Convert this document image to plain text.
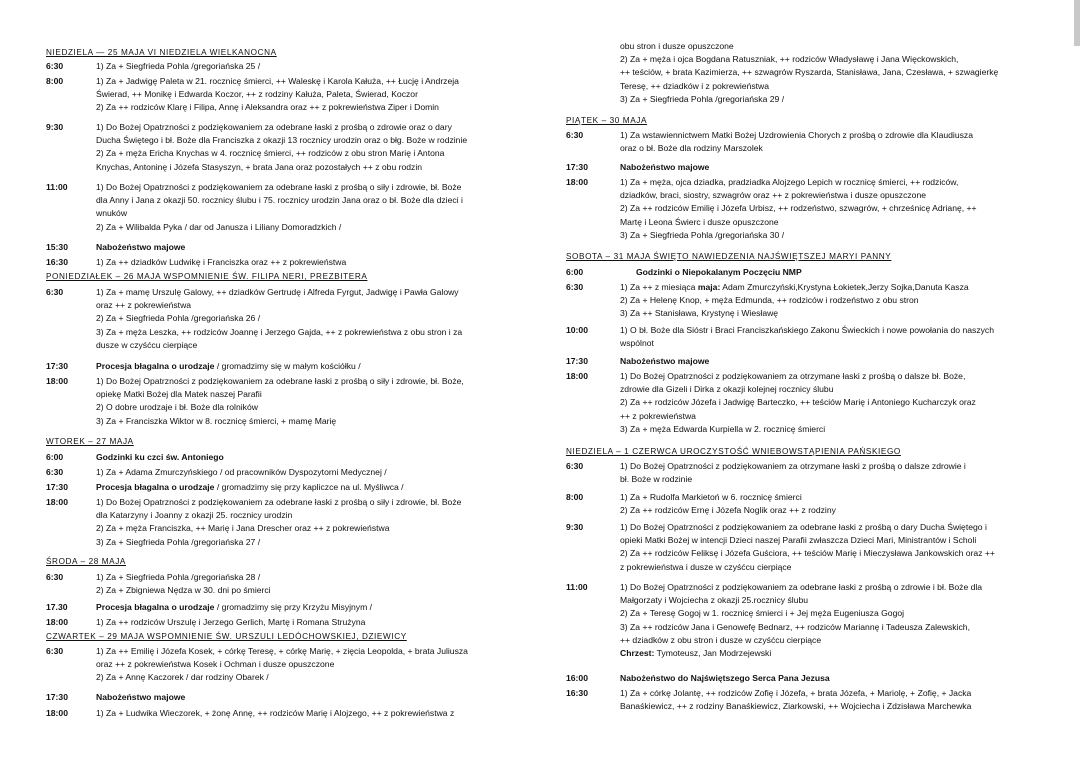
NIEDZIELA — 25 MAJA VI NIEDZIELA WIELKANOCNA
6:30	1) Za + Siegfrieda Pohla /gregoriańska 25 /
8:00	1) Za + Jadwigę Paleta w 21. rocznicę śmierci, ++ Waleskę i Karola Kałuża, ++ Łucję i Andrzeja
Świerad, ++ Monikę i Edwarda Koczor, ++ z rodziny Kałuża, Paleta, Świerad, Koczor
2) Za ++ rodziców Klarę i Filipa, Annę i Aleksandra oraz ++ z pokrewieństwa Ziper i Domin
9:30	1) Do Bożej Opatrzności z podziękowaniem za odebrane łaski z prośbą o zdrowie oraz o dary
Ducha Świętego i bł. Boże dla Franciszka z okazji 13 rocznicy urodzin oraz o błg. Boże w rodzinie
2) Za + męża Ericha Knychas w 4. rocznicę śmierci, ++ rodziców z obu stron Marię i Antona
Knychas, Antoninę i Józefa Stasyszyn, + brata Jana oraz pozostałych ++ z obu rodzin
11:00	1) Do Bożej Opatrzności z podziękowaniem za odebrane łaski z prośbą o siły i zdrowie, bł. Boże
dla Anny i Jana z okazji 50. rocznicy ślubu i 75. rocznicy urodzin Jana oraz o bł. Boże dla dzieci i
wnuków
2) Za + Wilibalda Pyka / dar od Janusza i Liliany Domoradzkich /
15:30	Nabożeństwo majowe
16:30	1) Za ++ dziadków Ludwikę i Franciszka oraz ++ z pokrewieństwa
PONIEDZIAŁEK – 26 MAJA WSPOMNIENIE ŚW. FILIPA NERI, PREZBITERA
6:30	1) Za + mamę Urszulę Galowy, ++ dziadków Gertrudę i Alfreda Fyrgut, Jadwigę i Pawła Galowy
oraz ++ z pokrewieństwa
2) Za + Siegfrieda Pohla /gregoriańska 26 /
3) Za + męża Leszka, ++ rodziców Joannę i Jerzego Gajda, ++ z pokrewieństwa z obu stron i za
dusze w czyśćcu cierpiące
17:30	Procesja błagalna o urodzaje / gromadzimy się w małym kościółku /
18:00	1) Do Bożej Opatrzności z podziękowaniem za odebrane łaski z prośbą o siły i zdrowie, bł. Boże,
opiekę Matki Bożej dla Matek naszej Parafii
2) O dobre urodzaje i bł. Boże dla rolników
3) Za + Franciszka Wiktor w 8. rocznicę śmierci, + mamę Marię
WTOREK – 27 MAJA
6:00	Godzinki ku czci św. Antoniego
6:30	1) Za + Adama Zmurczyńskiego / od pracowników Dyspozytorni Medycznej /
17:30	Procesja błagalna o urodzaje / gromadzimy się przy kapliczce na ul. Myśliwca /
18:00	1) Do Bożej Opatrzności z podziękowaniem za odebrane łaski z prośbą o siły i zdrowie, bł. Boże
dla Katarzyny i Joanny z okazji 25. rocznicy urodzin
2) Za + męża Franciszka, ++ Marię i Jana Drescher oraz ++ z pokrewieństwa
3) Za + Siegfrieda Pohla /gregoriańska 27 /
ŚRODA – 28 MAJA
6:30	1) Za + Siegfrieda Pohla /gregoriańska 28 /
2) Za + Zbigniewa Nędza w 30. dni po śmierci
17.30	Procesja błagalna o urodzaje / gromadzimy się przy Krzyżu Misyjnym /
18:00	1) Za ++ rodziców Urszulę i Jerzego Gerlich, Martę i Romana Strużyna
CZWARTEK – 29 MAJA WSPOMNIENIE ŚW. URSZULI LEDÓCHOWSKIEJ, DZIEWICY
6:30	1) Za ++ Emilię i Józefa Kosek, + córkę Teresę, + córkę Marię, + zięcia Leopolda, + brata Juliusza
oraz ++ z pokrewieństwa Kosek i Ochman i dusze opuszczone
2) Za + Annę Kaczorek / dar rodziny Obarek /
17:30	Nabożeństwo majowe
18:00	1) Za + Ludwika Wieczorek, + żonę Annę, ++ rodziców Marię i Alojzego, ++ z pokrewieństwa z
obu stron i dusze opuszczone
2) Za + męża i ojca Bogdana Ratuszniak, ++ rodziców Władysławę i Jana Więckowskich,
++ teściów, + brata Kazimierza, ++ szwagrów Ryszarda, Stanisława, Jana, Czesława, + szwagierkę
Teresę, ++ dziadków i z pokrewieństwa
3) Za + Siegfrieda Pohla /gregoriańska 29 /
PIĄTEK – 30 MAJA
6:30	1) Za wstawiennictwem Matki Bożej Uzdrowienia Chorych z prośbą o zdrowie dla Klaudiusza
oraz o bł. Boże dla rodziny Marszolek
17:30	Nabożeństwo majowe
18:00	1) Za + męża, ojca dziadka, pradziadka Alojzego Lepich w rocznicę śmierci, ++ rodziców,
dziadków, braci, siostry, szwagrów oraz ++ z pokrewieństwa i dusze opuszczone
2) Za ++ rodziców Emilię i Józefa Urbisz, ++ rodzeństwo, szwagrów, + chrześnicę Adrianę, ++
Martę i Leona Świerc i dusze opuszczone
3) Za + Siegfrieda Pohla /gregoriańska 30 /
SOBOTA – 31 MAJA ŚWIĘTO NAWIEDZENIA NAJŚWIĘTSZEJ MARYI PANNY
6:00	Godzinki o Niepokalanym Poczęciu NMP
6:30	1) Za ++ z miesiąca maja: Adam Zmurczyński,Krystyna Łokietek,Jerzy Sojka,Danuta Kasza
2) Za + Helenę Knop, + męża Edmunda, ++ rodziców i rodzeństwo z obu stron
3) Za ++ Stanisława, Krystynę i Wiesławę
10:00	1) O bł. Boże dla Sióstr i Braci Franciszkańskiego Zakonu Świeckich i nowe powołania do naszych
wspólnot
17:30	Nabożeństwo majowe
18:00	1) Do Bożej Opatrzności z podziękowaniem za otrzymane łaski z prośbą o dalsze bł. Boże,
zdrowie dla Gizeli i Dirka z okazji kolejnej rocznicy ślubu
2) Za ++ rodziców Józefa i Jadwigę Barteczko, ++ teściów Marię i Antoniego Kucharczyk oraz
++ z pokrewieństwa
3) Za + męża Edwarda Kurpiella w 2. rocznicę śmierci
NIEDZIELA – 1 CZERWCA UROCZYSTOŚĆ WNIEBOWSTĄPIENIA PAŃSKIEGO
6:30	1) Do Bożej Opatrzności z podziękowaniem za otrzymane łaski z prośbą o dalsze zdrowie i
bł. Boże w rodzinie
8:00	1) Za + Rudolfa Markietoń w 6. rocznicę śmierci
2) Za ++ rodziców Ernę i Józefa Noglik oraz ++ z rodziny
9:30	1) Do Bożej Opatrzności z podziękowaniem za odebrane łaski z prośbą o dary Ducha Świętego i
opieki Matki Bożej w intencji Dzieci naszej Parafii zwłaszcza Dzieci Mari, Ministrantów i Scholi
2) Za ++ rodziców Feliksę i Józefa Guściora, ++ teściów Marię i Mieczysława Jankowskich oraz ++
z pokrewieństwa i dusze w czyśćcu cierpiące
11:00	1) Do Bożej Opatrzności z podziękowaniem za odebrane łaski z prośbą o zdrowie i bł. Boże dla
Małgorzaty i Wojciecha z okazji 25.rocznicy ślubu
2) Za + Teresę Gogoj w 1. rocznicę śmierci i + Jej męża Eugeniusza Gogoj
3) Za ++ rodziców Jana i Genowefę Bednarz, ++ rodziców Mariannę i Tadeusza Zalewskich,
++ dziadków z obu stron i dusze w czyśćcu cierpiące
Chrzest: Tymoteusz, Jan Modrzejewski
16:00	Nabożeństwo do Najświętszego Serca Pana Jezusa
16:30	1) Za + córkę Jolantę, ++ rodziców Zofię i Józefa, + brata Józefa, + Mariolę, + Zofię, + Jacka
Banaśkiewicz, ++ z rodziny Banaśkiewicz, Ziarkowski, ++ Wojciecha i Zdzisława Marchewka
